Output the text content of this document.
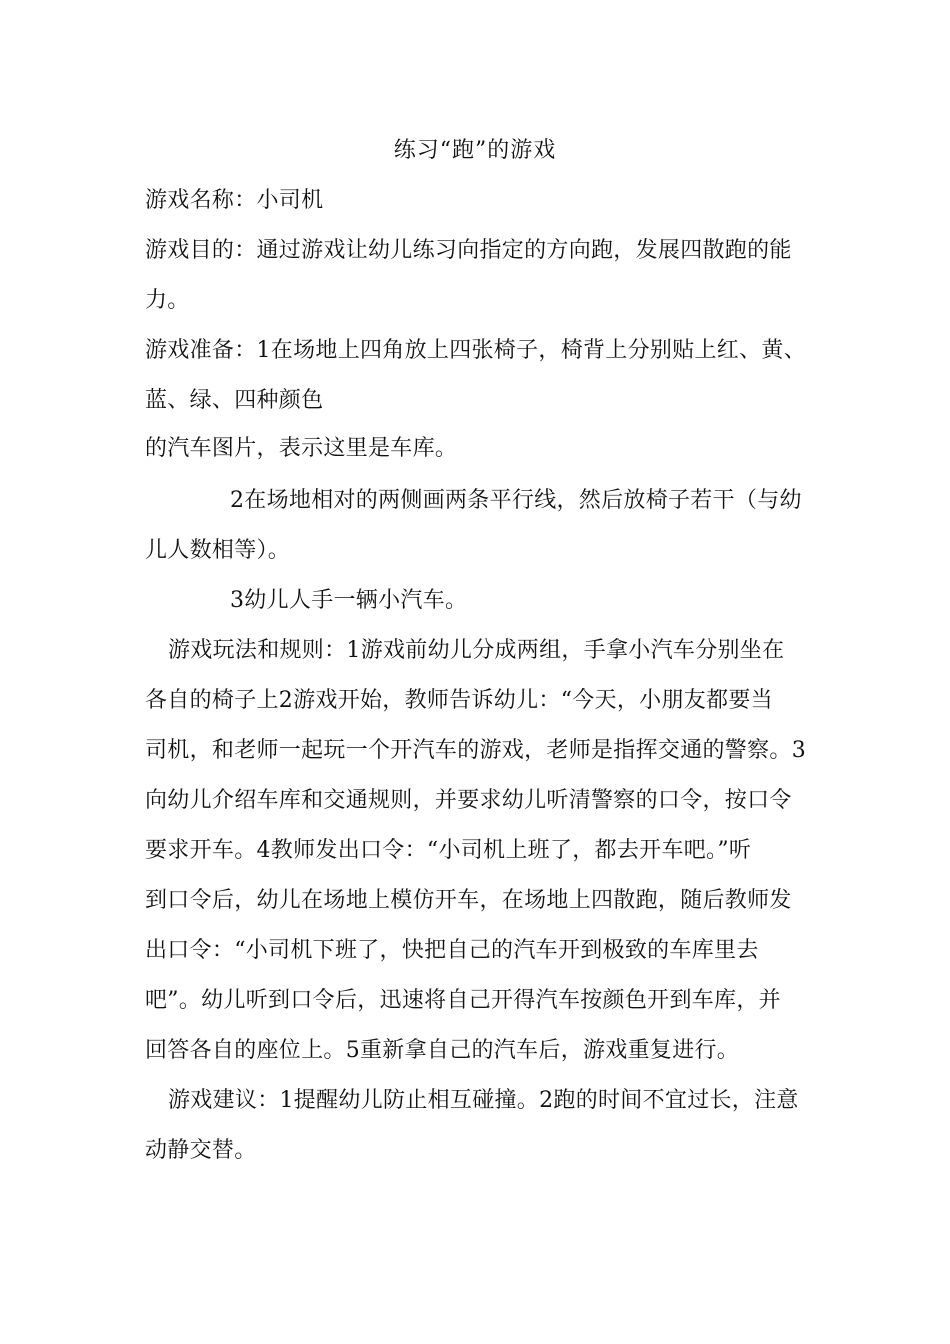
练习“跑”的游戏
游戏名称：小司机
游戏目的：通过游戏让幼儿练习向指定的方向跑，发展四散跑的能
力。
游戏准备：1在场地上四角放上四张椅子，椅背上分别贴上红、黄、
蓝、绿、四种颜色
的汽车图片，表示这里是车库。
2在场地相对的两侧画两条平行线，然后放椅子若干（与幼
儿人数相等）。
3幼儿人手一辆小汽车。
游戏玩法和规则：1游戏前幼儿分成两组，手拿小汽车分别坐在
各自的椅子上2游戏开始，教师告诉幼儿：“今天，小朋友都要当
司机，和老师一起玩一个开汽车的游戏，老师是指挥交通的警察。3
向幼儿介绍车库和交通规则，并要求幼儿听清警察的口令，按口令
要求开车。4教师发出口令：“小司机上班了，都去开车吧。”听
到口令后，幼儿在场地上模仿开车，在场地上四散跑，随后教师发
出口令：“小司机下班了，快把自己的汽车开到极致的车库里去
吧”。幼儿听到口令后，迅速将自己开得汽车按颜色开到车库，并
回答各自的座位上。5重新拿自己的汽车后，游戏重复进行。
游戏建议：1提醒幼儿防止相互碰撞。2跑的时间不宜过长，注意
动静交替。
